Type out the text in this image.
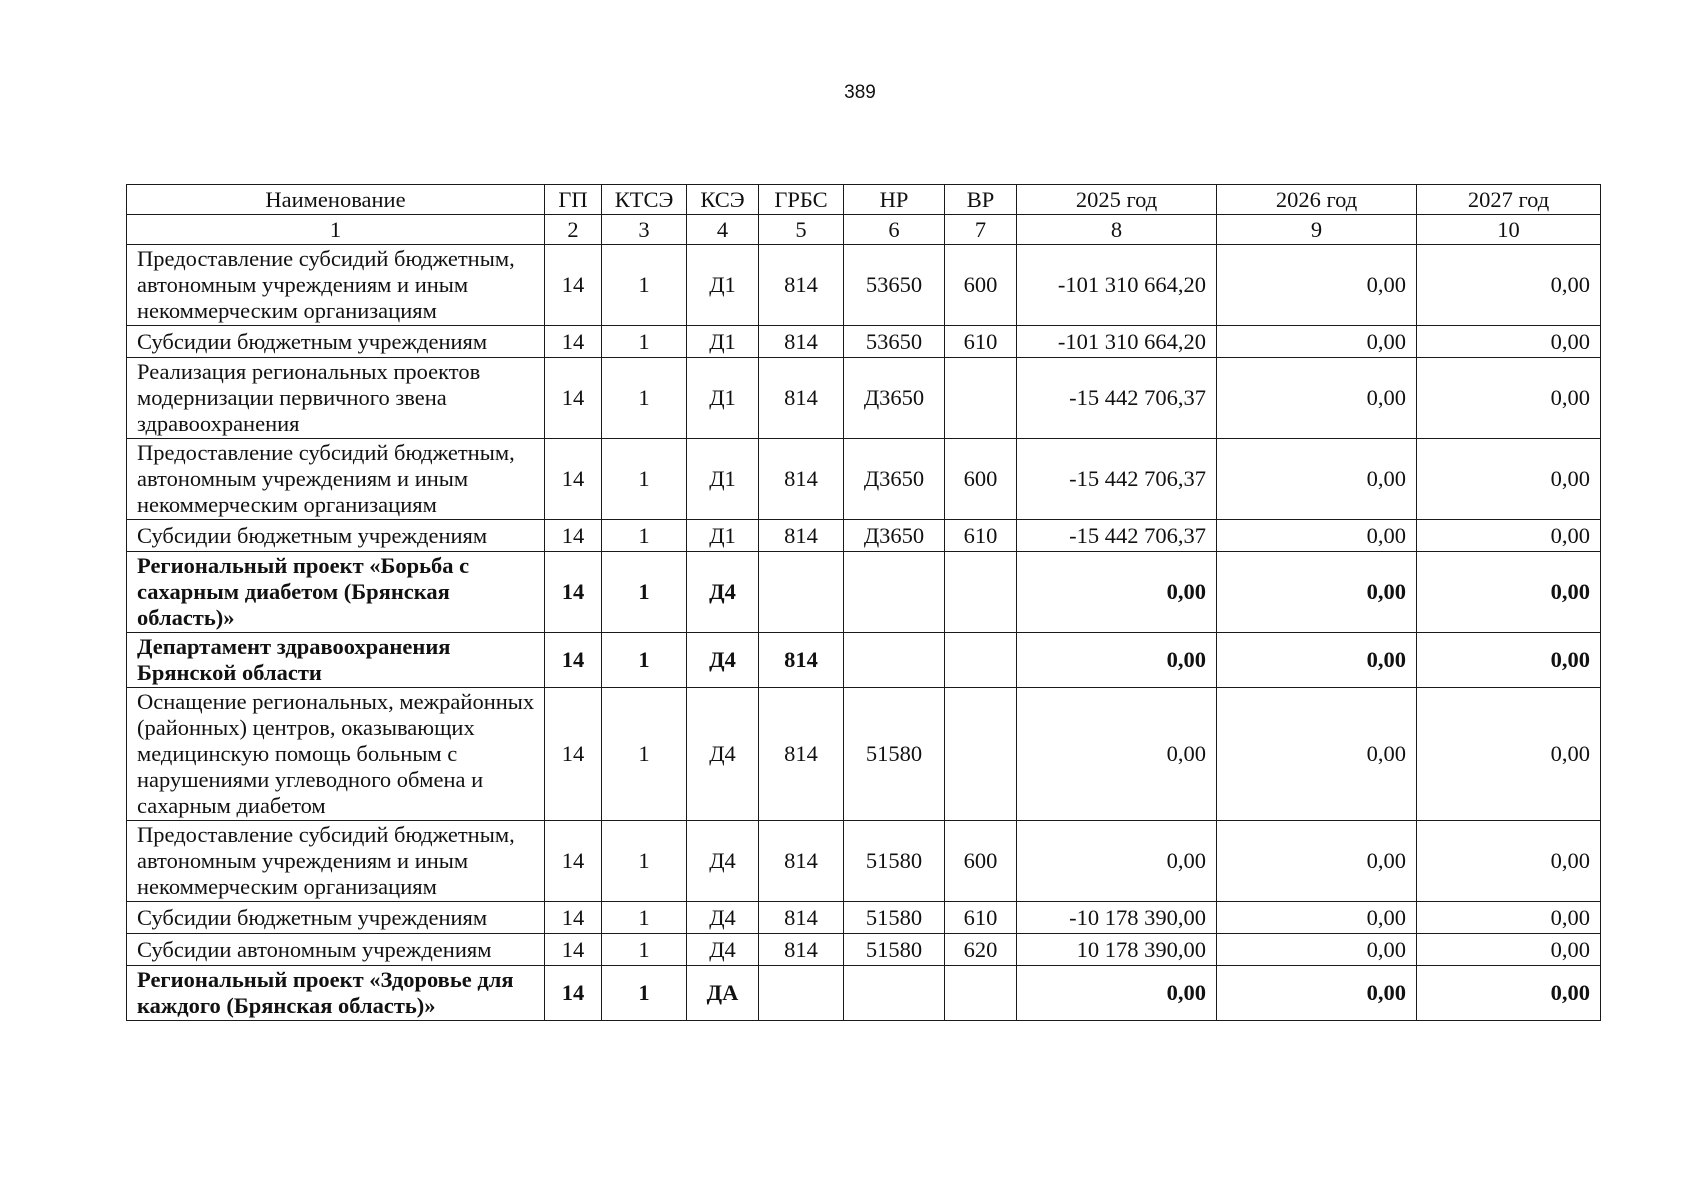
389
Наименование	ГП	КТСЭ	КСЭ	ГРБС	НР	ВР	2025 год	2026 год	2027 год
1	2	3	4	5	6	7	8	9	10
Предоставление субсидий бюджетным, автономным учреждениям и иным некоммерческим организациям	14	1	Д1	814	53650	600	-101 310 664,20	0,00	0,00
Субсидии бюджетным учреждениям	14	1	Д1	814	53650	610	-101 310 664,20	0,00	0,00
Реализация региональных проектов модернизации первичного звена здравоохранения	14	1	Д1	814	Д3650		-15 442 706,37	0,00	0,00
Предоставление субсидий бюджетным, автономным учреждениям и иным некоммерческим организациям	14	1	Д1	814	Д3650	600	-15 442 706,37	0,00	0,00
Субсидии бюджетным учреждениям	14	1	Д1	814	Д3650	610	-15 442 706,37	0,00	0,00
Региональный проект «Борьба с сахарным диабетом (Брянская область)»	14	1	Д4				0,00	0,00	0,00
Департамент здравоохранения Брянской области	14	1	Д4	814			0,00	0,00	0,00
Оснащение региональных, межрайонных (районных) центров, оказывающих медицинскую помощь больным с нарушениями углеводного обмена и сахарным диабетом	14	1	Д4	814	51580		0,00	0,00	0,00
Предоставление субсидий бюджетным, автономным учреждениям и иным некоммерческим организациям	14	1	Д4	814	51580	600	0,00	0,00	0,00
Субсидии бюджетным учреждениям	14	1	Д4	814	51580	610	-10 178 390,00	0,00	0,00
Субсидии автономным учреждениям	14	1	Д4	814	51580	620	10 178 390,00	0,00	0,00
Региональный проект «Здоровье для каждого (Брянская область)»	14	1	ДА				0,00	0,00	0,00
